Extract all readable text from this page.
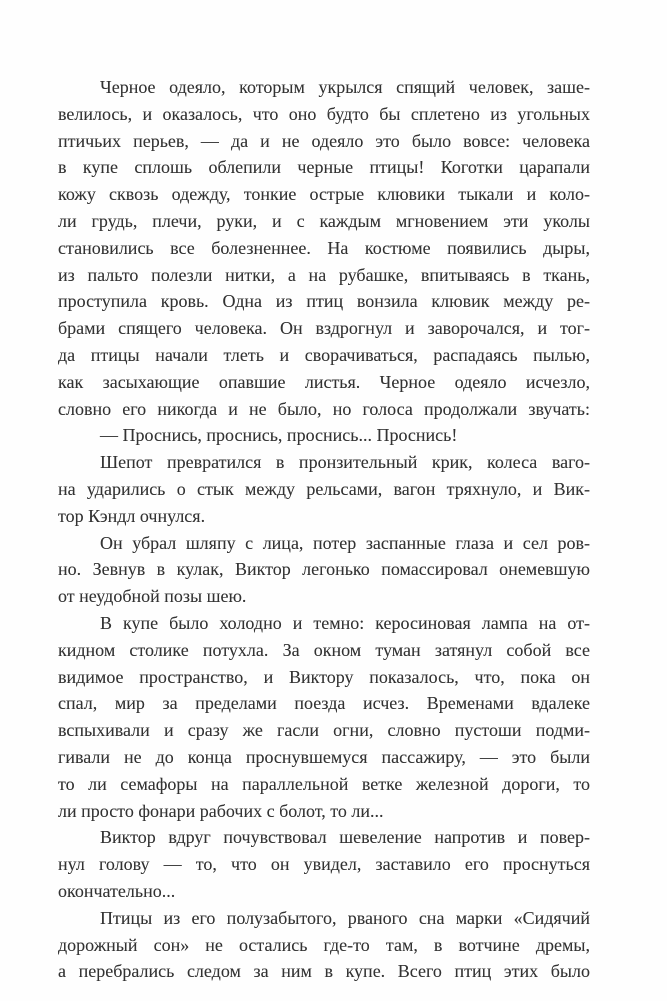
Черное одеяло, которым укрылся спящий человек, заше-
велилось, и оказалось, что оно будто бы сплетено из угольных
птичьих перьев, — да и не одеяло это было вовсе: человека
в купе сплошь облепили черные птицы! Коготки царапали
кожу сквозь одежду, тонкие острые клювики тыкали и коло-
ли грудь, плечи, руки, и с каждым мгновением эти уколы
становились все болезненнее. На костюме появились дыры,
из пальто полезли нитки, а на рубашке, впитываясь в ткань,
проступила кровь. Одна из птиц вонзила клювик между ре-
брами спящего человека. Он вздрогнул и заворочался, и тог-
да птицы начали тлеть и сворачиваться, распадаясь пылью,
как засыхающие опавшие листья. Черное одеяло исчезло,
словно его никогда и не было, но голоса продолжали звучать:
— Проснись, проснись, проснись... Проснись!
Шепот превратился в пронзительный крик, колеса ваго-
на ударились о стык между рельсами, вагон тряхнуло, и Вик-
тор Кэндл очнулся.
Он убрал шляпу с лица, потер заспанные глаза и сел ров-
но. Зевнув в кулак, Виктор легонько помассировал онемевшую
от неудобной позы шею.
В купе было холодно и темно: керосиновая лампа на от-
кидном столике потухла. За окном туман затянул собой все
видимое пространство, и Виктору показалось, что, пока он
спал, мир за пределами поезда исчез. Временами вдалеке
вспыхивали и сразу же гасли огни, словно пустоши подми-
гивали не до конца проснувшемуся пассажиру, — это были
то ли семафоры на параллельной ветке железной дороги, то
ли просто фонари рабочих с болот, то ли...
Виктор вдруг почувствовал шевеление напротив и повер-
нул голову — то, что он увидел, заставило его проснуться
окончательно...
Птицы из его полузабытого, рваного сна марки «Сидячий
дорожный сон» не остались где-то там, в вотчине дремы,
а перебрались следом за ним в купе. Всего птиц этих было
